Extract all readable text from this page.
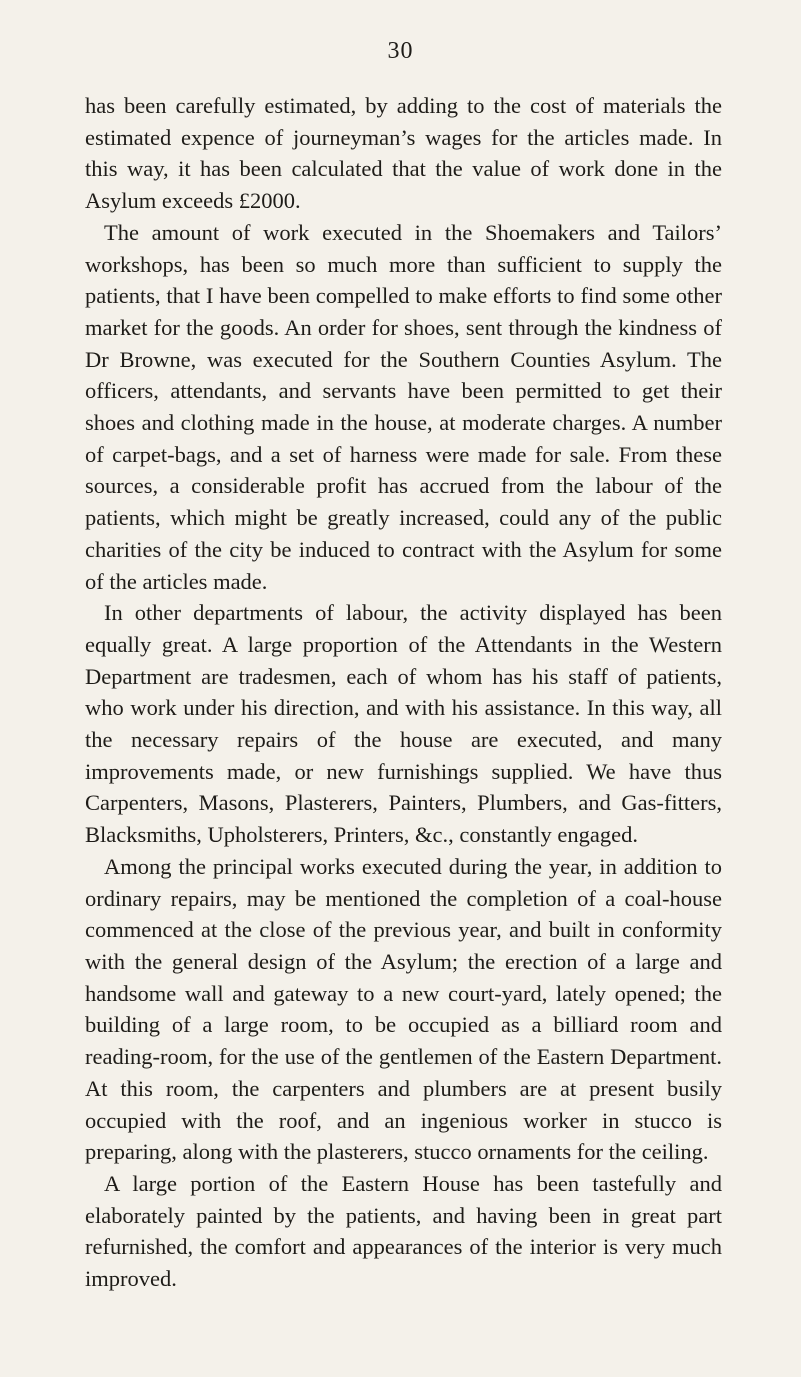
30

has been carefully estimated, by adding to the cost of materials the estimated expence of journeyman’s wages for the articles made. In this way, it has been calculated that the value of work done in the Asylum exceeds £2000.

The amount of work executed in the Shoemakers and Tailors’ workshops, has been so much more than sufficient to supply the patients, that I have been compelled to make efforts to find some other market for the goods. An order for shoes, sent through the kindness of Dr Browne, was executed for the Southern Counties Asylum. The officers, attendants, and servants have been permitted to get their shoes and clothing made in the house, at moderate charges. A number of carpet-bags, and a set of harness were made for sale. From these sources, a considerable profit has accrued from the labour of the patients, which might be greatly increased, could any of the public charities of the city be induced to contract with the Asylum for some of the articles made.

In other departments of labour, the activity displayed has been equally great. A large proportion of the Attendants in the Western Department are tradesmen, each of whom has his staff of patients, who work under his direction, and with his assistance. In this way, all the necessary repairs of the house are executed, and many improvements made, or new furnishings supplied. We have thus Carpenters, Masons, Plasterers, Painters, Plumbers, and Gas-fitters, Blacksmiths, Upholsterers, Printers, &c., constantly engaged.

Among the principal works executed during the year, in addition to ordinary repairs, may be mentioned the completion of a coal-house commenced at the close of the previous year, and built in conformity with the general design of the Asylum; the erection of a large and handsome wall and gateway to a new court-yard, lately opened; the building of a large room, to be occupied as a billiard room and reading-room, for the use of the gentlemen of the Eastern Department. At this room, the carpenters and plumbers are at present busily occupied with the roof, and an ingenious worker in stucco is preparing, along with the plasterers, stucco ornaments for the ceiling.

A large portion of the Eastern House has been tastefully and elaborately painted by the patients, and having been in great part refurnished, the comfort and appearances of the interior is very much improved.
